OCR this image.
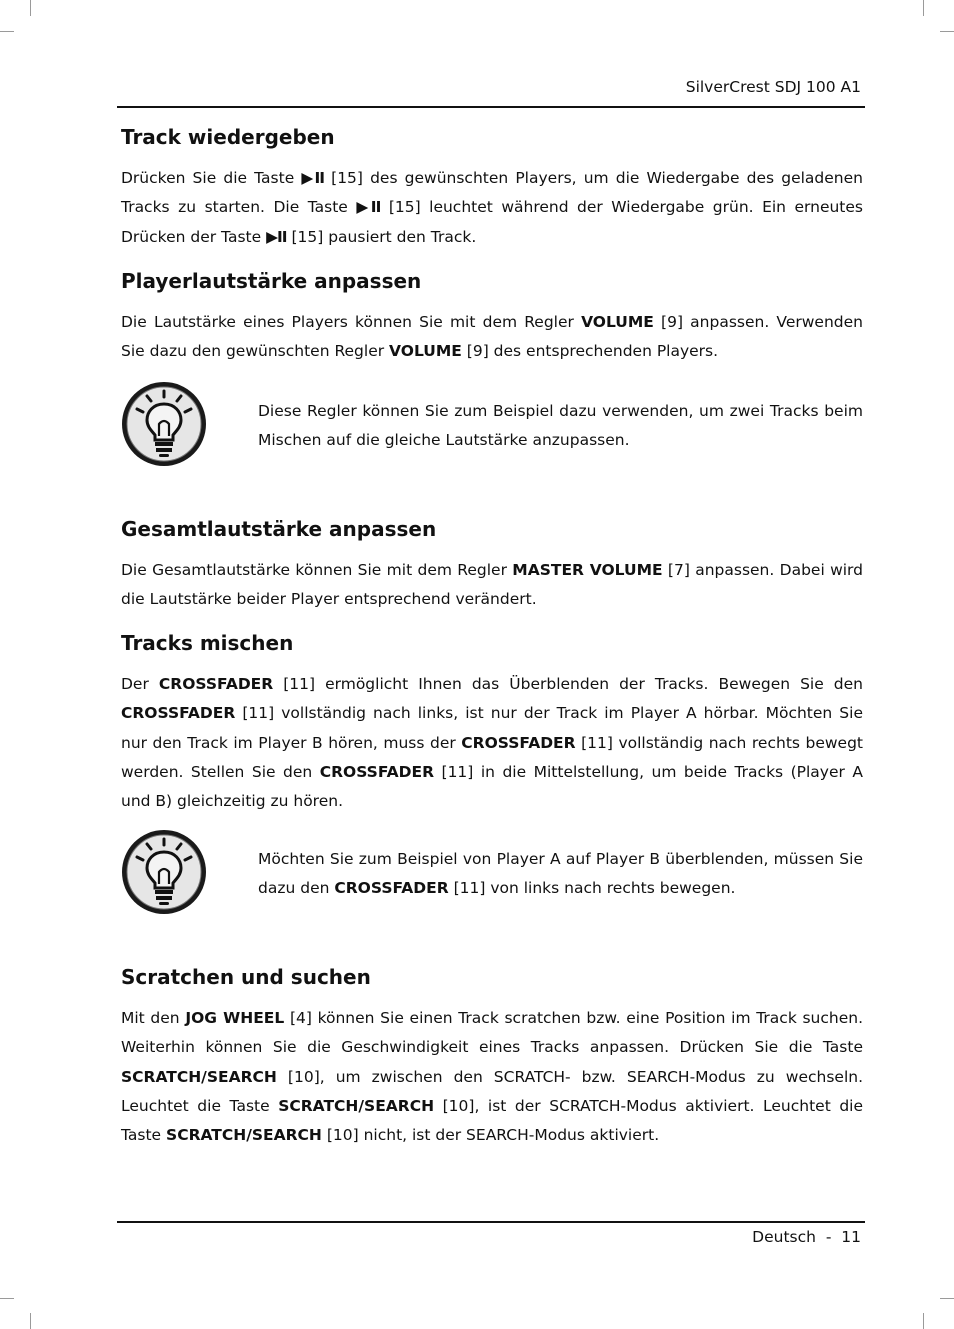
SilverCrest SDJ 100 A1
Track wiedergeben

Drücken Sie die Taste ▶II [15] des gewünschten Players, um die Wiedergabe des geladenen Tracks zu starten. Die Taste ▶II [15] leuchtet während der Wiedergabe grün. Ein erneutes Drücken der Taste ▶II [15] pausiert den Track.

Playerlautstärke anpassen

Die Lautstärke eines Players können Sie mit dem Regler VOLUME [9] anpassen. Verwenden Sie dazu den gewünschten Regler VOLUME [9] des entsprechenden Players.

Diese Regler können Sie zum Beispiel dazu verwenden, um zwei Tracks beim Mischen auf die gleiche Lautstärke anzupassen.

Gesamtlautstärke anpassen

Die Gesamtlautstärke können Sie mit dem Regler MASTER VOLUME [7] anpassen. Dabei wird die Lautstärke beider Player entsprechend verändert.

Tracks mischen

Der CROSSFADER [11] ermöglicht Ihnen das Überblenden der Tracks. Bewegen Sie den CROSSFADER [11] vollständig nach links, ist nur der Track im Player A hörbar. Möchten Sie nur den Track im Player B hören, muss der CROSSFADER [11] vollständig nach rechts bewegt werden. Stellen Sie den CROSSFADER [11] in die Mittelstellung, um beide Tracks (Player A und B) gleichzeitig zu hören.

Möchten Sie zum Beispiel von Player A auf Player B überblenden, müssen Sie dazu den CROSSFADER [11] von links nach rechts bewegen.

Scratchen und suchen

Mit den JOG WHEEL [4] können Sie einen Track scratchen bzw. eine Position im Track suchen. Weiterhin können Sie die Geschwindigkeit eines Tracks anpassen. Drücken Sie die Taste SCRATCH/SEARCH [10], um zwischen den SCRATCH- bzw. SEARCH-Modus zu wechseln. Leuchtet die Taste SCRATCH/SEARCH [10], ist der SCRATCH-Modus aktiviert. Leuchtet die Taste SCRATCH/SEARCH [10] nicht, ist der SEARCH-Modus aktiviert.

Deutsch - 11
